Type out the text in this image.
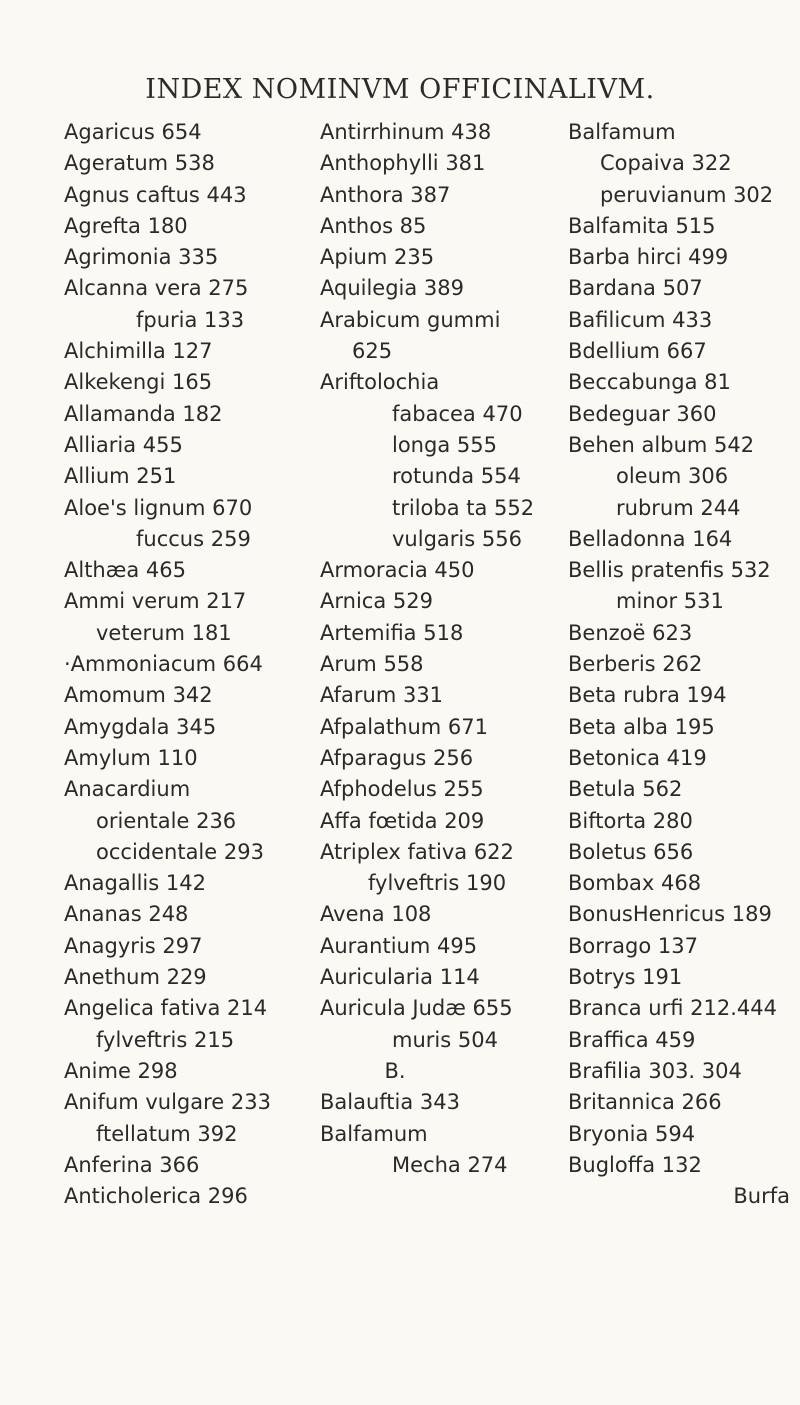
INDEX NOMINVM OFFICINALIVM.
Agaricus 654
Ageratum 538
Agnus caftus 443
Agrefta 180
Agrimonia 335
Alcanna vera 275
fpuria 133
Alchimilla 127
Alkekengi 165
Allamanda 182
Alliaria 455
Allium 251
Aloe's lignum 670
fuccus 259
Althæa 465
Ammi verum 217
veterum 181
·Ammoniacum 664
Amomum 342
Amygdala 345
Amylum 110
Anacardium
orientale 236
occidentale 293
Anagallis 142
Ananas 248
Anagyris 297
Anethum 229
Angelica fativa 214
fylveftris 215
Anime 298
Anifum vulgare 233
ftellatum 392
Anferina 366
Anticholerica 296
Antirrhinum 438
Anthophylli 381
Anthora 387
Anthos 85
Apium 235
Aquilegia 389
Arabicum gummi
625
Ariftolochia
fabacea 470
longa 555
rotunda 554
triloba ta 552
vulgaris 556
Armoracia 450
Arnica 529
Artemifia 518
Arum 558
Afarum 331
Afpalathum 671
Afparagus 256
Afphodelus 255
Affa fœtida 209
Atriplex fativa 622
fylveftris 190
Avena 108
Aurantium 495
Auricularia 114
Auricula Judæ 655
muris 504
B.
Balauftia 343
Balfamum
Mecha 274
Balfamum
Copaiva 322
peruvianum 302
Balfamita 515
Barba hirci 499
Bardana 507
Bafilicum 433
Bdellium 667
Beccabunga 81
Bedeguar 360
Behen album 542
oleum 306
rubrum 244
Belladonna 164
Bellis pratenfis 532
minor 531
Benzoë 623
Berberis 262
Beta rubra 194
Beta alba 195
Betonica 419
Betula 562
Biftorta 280
Boletus 656
Bombax 468
BonusHenricus 189
Borrago 137
Botrys 191
Branca urfi 212.444
Braffica 459
Brafilia 303. 304
Britannica 266
Bryonia 594
Bugloffa 132
Burfa
